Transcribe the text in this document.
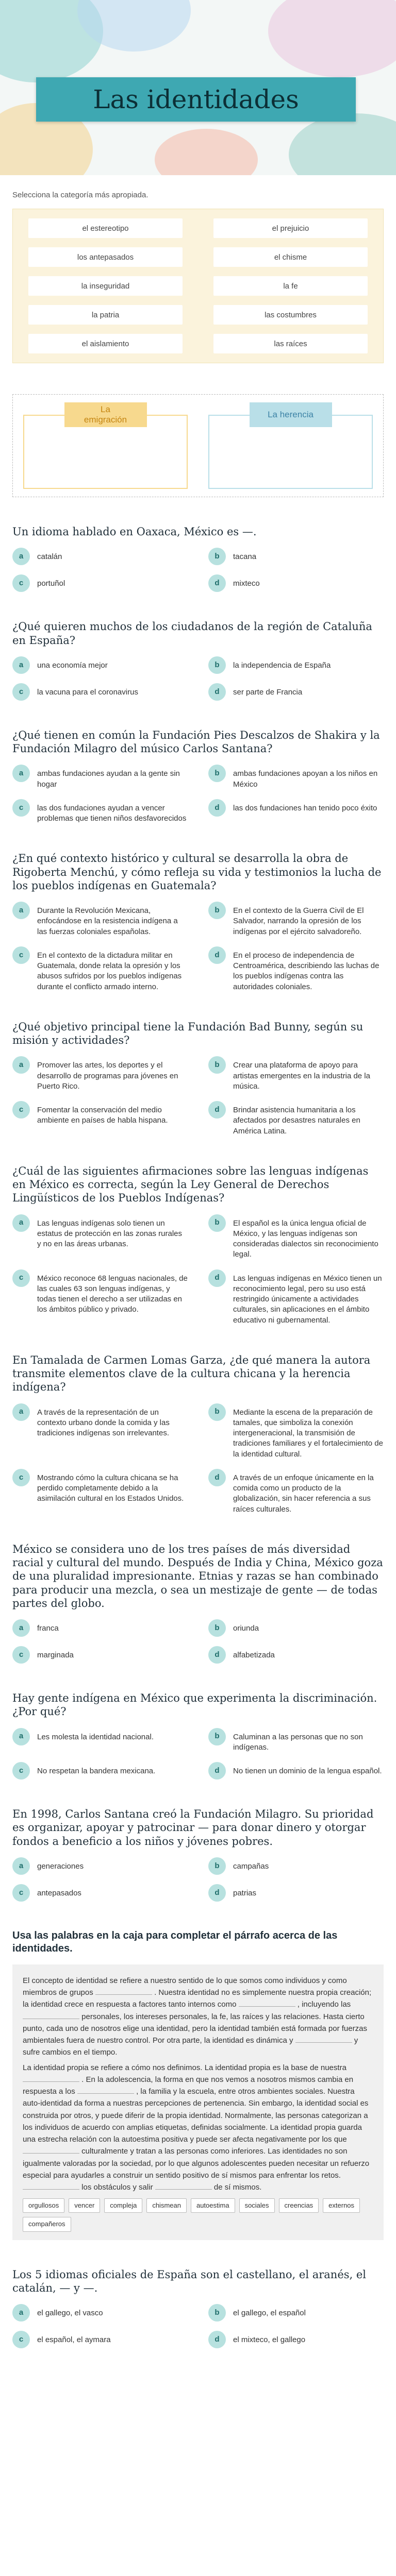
Las identidades

Selecciona la categoría más apropiada.

el estereotipo	el prejuicio
los antepasados	el chisme
la inseguridad	la fe
la patria	las costumbres
el aislamiento	las raíces
La
emigración
La herencia
Un idioma hablado en Oaxaca, México es —.
a	catalán	b	tacana
c	portuñol	d	mixteco
¿Qué quieren muchos de los ciudadanos de la región de Cataluña en España?
a	una economía mejor	b	la independencia de España
c	la vacuna para el coronavirus	d	ser parte de Francia
¿Qué tienen en común la Fundación Pies Descalzos de Shakira y la Fundación Milagro del músico Carlos Santana?
a	ambas fundaciones ayudan a la gente sin hogar
b	ambas fundaciones apoyan a los niños en México
c	las dos fundaciones ayudan a vencer problemas que tienen niños desfavorecidos
d	las dos fundaciones han tenido poco éxito
¿En qué contexto histórico y cultural se desarrolla la obra de Rigoberta Menchú, y cómo refleja su vida y testimonios la lucha de los pueblos indígenas en Guatemala?
a	Durante la Revolución Mexicana, enfocándose en la resistencia indígena a las fuerzas coloniales españolas.
b	En el contexto de la Guerra Civil de El Salvador, narrando la opresión de los indígenas por el ejército salvadoreño.
c	En el contexto de la dictadura militar en Guatemala, donde relata la opresión y los abusos sufridos por los pueblos indígenas durante el conflicto armado interno.
d	En el proceso de independencia de Centroamérica, describiendo las luchas de los pueblos indígenas contra las autoridades coloniales.
¿Qué objetivo principal tiene la Fundación Bad Bunny, según su misión y actividades?
a	Promover las artes, los deportes y el desarrollo de programas para jóvenes en Puerto Rico.
b	Crear una plataforma de apoyo para artistas emergentes en la industria de la música.
c	Fomentar la conservación del medio ambiente en países de habla hispana.
d	Brindar asistencia humanitaria a los afectados por desastres naturales en América Latina.
¿Cuál de las siguientes afirmaciones sobre las lenguas indígenas en México es correcta, según la Ley General de Derechos Lingüísticos de los Pueblos Indígenas?
a	Las lenguas indígenas solo tienen un estatus de protección en las zonas rurales y no en las áreas urbanas.
b	El español es la única lengua oficial de México, y las lenguas indígenas son consideradas dialectos sin reconocimiento legal.
c	México reconoce 68 lenguas nacionales, de las cuales 63 son lenguas indígenas, y todas tienen el derecho a ser utilizadas en los ámbitos público y privado.
d	Las lenguas indígenas en México tienen un reconocimiento legal, pero su uso está restringido únicamente a actividades culturales, sin aplicaciones en el ámbito educativo ni gubernamental.
En Tamalada de Carmen Lomas Garza, ¿de qué manera la autora transmite elementos clave de la cultura chicana y la herencia indígena?
a	A través de la representación de un contexto urbano donde la comida y las tradiciones indígenas son irrelevantes.
b	Mediante la escena de la preparación de tamales, que simboliza la conexión intergeneracional, la transmisión de tradiciones familiares y el fortalecimiento de la identidad cultural.
c	Mostrando cómo la cultura chicana se ha perdido completamente debido a la asimilación cultural en los Estados Unidos.
d	A través de un enfoque únicamente en la comida como un producto de la globalización, sin hacer referencia a sus raíces culturales.
México se considera uno de los tres países de más diversidad racial y cultural del mundo. Después de India y China, México goza de una pluralidad impresionante. Etnias y razas se han combinado para producir una mezcla, o sea un mestizaje de gente — de todas partes del globo.
a	franca	b	oriunda
c	marginada	d	alfabetizada
Hay gente indígena en México que experimenta la discriminación. ¿Por qué?
a	Les molesta la identidad nacional.	b	Caluminan a las personas que no son indígenas.
c	No respetan la bandera mexicana.	d	No tienen un dominio de la lengua español.
En 1998, Carlos Santana creó la Fundación Milagro. Su prioridad es organizar, apoyar y patrocinar — para donar dinero y otorgar fondos a beneficio a los niños y jóvenes pobres.
a	generaciones	b	campañas
c	antepasados	d	patrias
Usa las palabras en la caja para completar el párrafo acerca de las identidades.

El concepto de identidad se refiere a nuestro sentido de lo que somos como individuos y como miembros de grupos	. Nuestra identidad no es simplemente nuestra propia creación; la identidad crece en respuesta a factores tanto internos como	, incluyendo las  personales, los intereses personales, la fe, las raíces y las relaciones. Hasta cierto punto, cada uno de nosotros elige una identidad, pero la identidad también está formada por fuerzas ambientales fuera de nuestro control. Por otra parte, la identidad es dinámica y	y sufre cambios en el tiempo.

La identidad propia se refiere a cómo nos definimos. La identidad propia es la base de nuestra  . En la adolescencia, la forma en que nos vemos a nosotros mismos cambia en respuesta a los	, la familia y la escuela, entre otros ambientes sociales. Nuestra auto-identidad da forma a nuestras percepciones de pertenencia. Sin embargo, la identidad social es construida por otros, y puede diferir de la propia identidad. Normalmente, las personas categorizan a los individuos de acuerdo con amplias etiquetas, definidas socialmente. La identidad propia guarda una estrecha relación con la autoestima positiva y puede ser afecta negativamente por los que  culturalmente y tratan a las personas como inferiores. Las identidades no son igualmente valoradas por la sociedad, por lo que algunos adolescentes pueden necesitar un refuerzo especial para ayudarles a construir un sentido positivo de sí mismos para enfrentar los retos.  los obstáculos y salir	de sí mismos.

orgullosos	vencer	compleja	chismean	autoestima	sociales	creencias	externos
compañeros
Los 5 idiomas oficiales de España son el castellano, el aranés, el catalán, — y —.
a	el gallego, el vasco	b	el gallego, el español
c	el español, el aymara	d	el mixteco, el gallego
